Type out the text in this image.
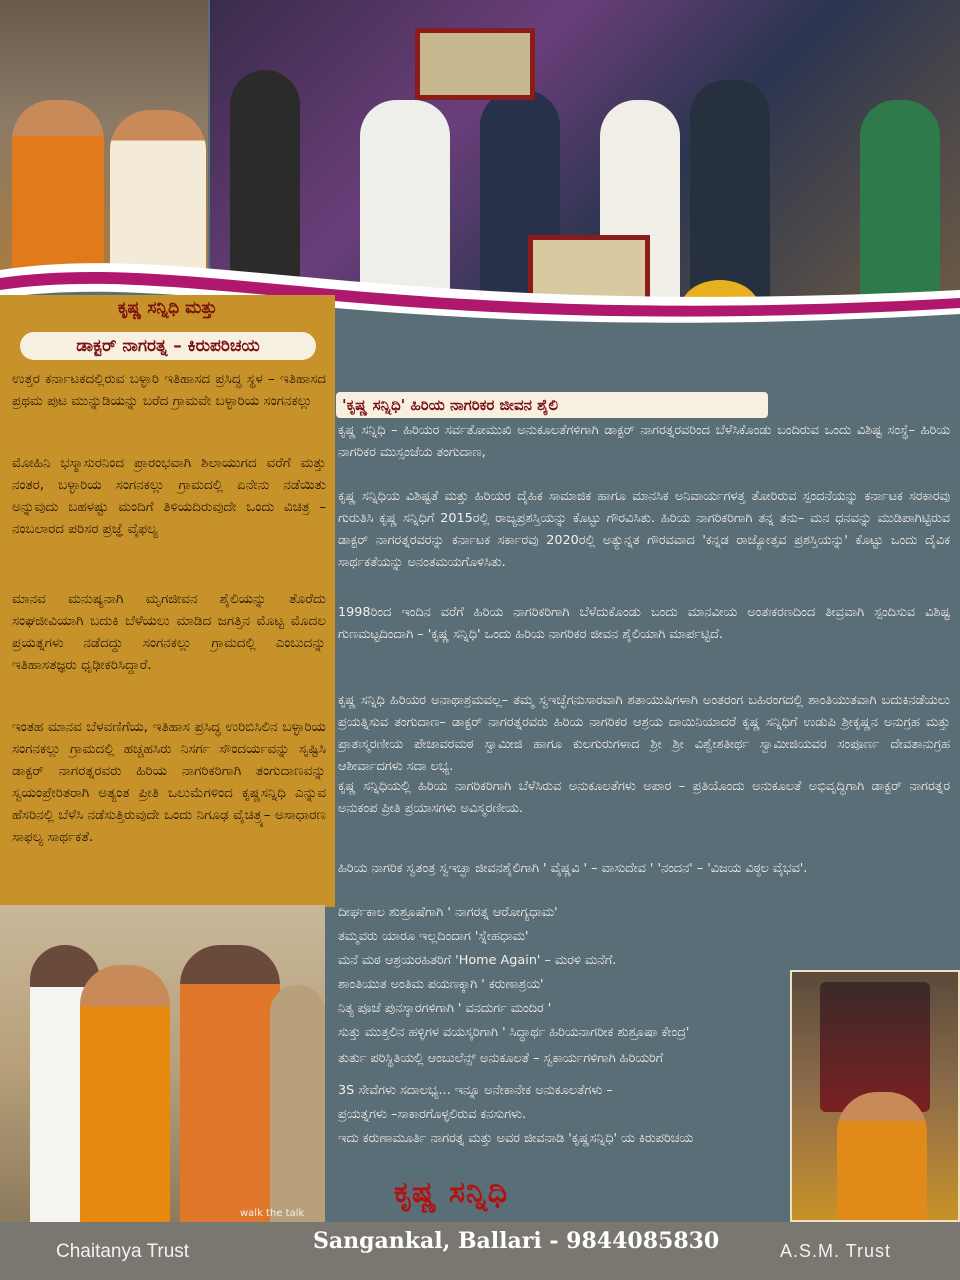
ಕೃಷ್ಣ ಸನ್ನಿಧಿ ಮತ್ತು
ಡಾಕ್ಟರ್ ನಾಗರತ್ನ – ಕಿರುಪರಿಚಯ
ಉತ್ತರ ಕರ್ನಾಟಕದಲ್ಲಿರುವ ಬಳ್ಳಾರಿ ಇತಿಹಾಸದ ಪ್ರಸಿದ್ಧ ಸ್ಥಳ – ಇತಿಹಾಸದ ಪ್ರಥಮ ಪುಟ ಮುನ್ನುಡಿಯನ್ನು ಬರೆದ ಗ್ರಾಮವೇ ಬಳ್ಳಾರಿಯ ಸಂಗನಕಲ್ಲು
ಮೋಹಿನಿ ಭಸ್ಮಾಸುರನಿಂದ ಪ್ರಾರಂಭವಾಗಿ ಶಿಲಾಯುಗದ ವರೆಗೆ ಮತ್ತು ನಂತರ, ಬಳ್ಳಾರಿಯ ಸಂಗನಕಲ್ಲು ಗ್ರಾಮದಲ್ಲಿ ಏನೇನು ನಡೆಯಿತು ಅನ್ನುವುದು ಬಹಳಷ್ಟು ಮಂದಿಗೆ ತಿಳಿಯದಿರುವುದೇ ಒಂದು ವಿಚಿತ್ರ – ನಂಬಲಾರದ ಪರಿಸರ ಪ್ರಜ್ಞೆ ವೈಫಲ್ಯ
ಮಾನವ ಮನುಷ್ಯನಾಗಿ ಮೃಗಜೀವನ ಶೈಲಿಯನ್ನು ತೊರೆದು ಸಂಘಜೀವಿಯಾಗಿ ಬದುಕಿ ಬೆಳೆಯಲು ಮಾಡಿದ ಜಗತ್ತಿನ ಮೊಟ್ಟ ಮೊದಲ ಪ್ರಯತ್ನಗಳು ನಡೆದದ್ದು ಸಂಗನಕಲ್ಲು ಗ್ರಾಮದಲ್ಲಿ ಎಂಬುದನ್ನು ಇತಿಹಾಸತಜ್ಞರು ಧೃಢೀಕರಿಸಿದ್ದಾರೆ.
ಇಂತಹ ಮಾನವ ಬೆಳವಣಿಗೆಯ, ಇತಿಹಾಸ ಪ್ರಸಿದ್ಧ ಉರಿಬಿಸಿಲಿನ ಬಳ್ಳಾರಿಯ ಸಂಗನಕಲ್ಲು ಗ್ರಾಮದಲ್ಲಿ ಹಚ್ಚಹಸಿರು ನಿಸರ್ಗ ಸೌಂದರ್ಯವನ್ನು ಸೃಷ್ಟಿಸಿ ಡಾಕ್ಟರ್ ನಾಗರತ್ನರವರು ಹಿರಿಯ ನಾಗರಿಕರಿಗಾಗಿ ತಂಗುದಾಣವನ್ನು ಸ್ವಯಂಪ್ರೇರಿತರಾಗಿ ಅತ್ಯಂತ ಪ್ರೀತಿ ಒಲುಮೆಗಳಿಂದ ಕೃಷ್ಣಸನ್ನಿಧಿ ಎನ್ನುವ ಹೆಸರಿನಲ್ಲಿ ಬೆಳೆಸಿ ನಡೆಸುತ್ತಿರುವುದೇ ಒಂದು ನಿಗೂಢ ವೈಚಿತ್ರ್ಯ– ಅಸಾಧಾರಣ ಸಾಫಲ್ಯ ಸಾರ್ಥಕತೆ.
walk the talk
'ಕೃಷ್ಣ ಸನ್ನಿಧಿ' ಹಿರಿಯ ನಾಗರಿಕರ ಜೀವನ ಶೈಲಿ
ಕೃಷ್ಣ ಸನ್ನಿಧಿ – ಹಿರಿಯರ ಸರ್ವತೋಮುಖಿ ಅನುಕೂಲತೆಗಳಿಗಾಗಿ ಡಾಕ್ಟರ್ ನಾಗರತ್ನರವರಿಂದ ಬೆಳೆಸಿಕೊಂಡು ಬಂದಿರುವ ಒಂದು ವಿಶಿಷ್ಟ ಸಂಸ್ಥೆ– ಹಿರಿಯ ನಾಗರಿಕರ ಮುಸ್ಸಂಜೆಯ ತಂಗುದಾಣ,
ಕೃಷ್ಣ ಸನ್ನಿಧಿಯ ವಿಶಿಷ್ಟತೆ ಮತ್ತು ಹಿರಿಯರ ದೈಹಿಕ ಸಾಮಾಜಿಕ ಹಾಗೂ ಮಾನಸಿಕ ಅನಿವಾರ್ಯಗಳತ್ತ ತೋರಿರುವ ಸ್ಪಂದನೆಯನ್ನು ಕರ್ನಾಟಕ ಸರಕಾರವು ಗುರುತಿಸಿ ಕೃಷ್ಣ ಸನ್ನಿಧಿಗೆ 2015ರಲ್ಲಿ ರಾಜ್ಯಪ್ರಶಸ್ತಿಯನ್ನು ಕೊಟ್ಟು ಗೌರವಿಸಿತು. ಹಿರಿಯ ನಾಗರಿಕರಿಗಾಗಿ ತನ್ನ ತನು– ಮನ ಧನವನ್ನು ಮುಡಿಪಾಗಿಟ್ಟಿರುವ ಡಾಕ್ಟರ್ ನಾಗರತ್ನರವರನ್ನು ಕರ್ನಾಟಕ ಸರ್ಕಾರವು 2020ರಲ್ಲಿ ಅತ್ಯುನ್ನತ ಗೌರವವಾದ 'ಕನ್ನಡ ರಾಜ್ಯೋತ್ಸವ ಪ್ರಶಸ್ತಿಯನ್ನು' ಕೊಟ್ಟು ಒಂದು ದೈವಿಕ ಸಾರ್ಥಕತೆಯನ್ನು ಅನಂತಮಯಗೊಳಿಸಿತು.
1998ರಿಂದ ಇಂದಿನ ವರೆಗೆ ಹಿರಿಯ ನಾಗರಿಕರಿಗಾಗಿ ಬೆಳೆದುಕೊಂಡು ಬಂದು ಮಾನವೀಯ ಅಂತಃಕರಣದಿಂದ ತೀವ್ರವಾಗಿ ಸ್ಪಂದಿಸುವ ವಿಶಿಷ್ಟ ಗುಣಮಟ್ಟದಿಂದಾಗಿ – 'ಕೃಷ್ಣ ಸನ್ನಿಧಿ' ಒಂದು ಹಿರಿಯ ನಾಗರಿಕರ ಜೀವನ ಶೈಲಿಯಾಗಿ ಮಾರ್ಪಟ್ಟಿದೆ.
ಕೃಷ್ಣ ಸನ್ನಿಧಿ ಹಿರಿಯರ ಅನಾಥಾಶ್ರಮವಲ್ಲ– ತಮ್ಮ ಸ್ವಇಚ್ಛೆಗನುಸಾರವಾಗಿ ಶತಾಯುಷಿಗಳಾಗಿ ಅಂತರಂಗ ಬಹಿರಂಗದಲ್ಲಿ ಶಾಂತಿಯುತವಾಗಿ ಬದುಕಿನಡೆಯಲು ಪ್ರಯತ್ನಿಸುವ ತಂಗುದಾಣ– ಡಾಕ್ಟರ್ ನಾಗರತ್ನರವರು ಹಿರಿಯ ನಾಗರಿಕರ ಆಶ್ರಯ ದಾಯಿನಿಯಾದರೆ ಕೃಷ್ಣ ಸನ್ನಿಧಿಗೆ ಉಡುಪಿ ಶ್ರೀಕೃಷ್ಣನ ಅನುಗ್ರಹ ಮತ್ತು ಪ್ರಾತಃಸ್ಮರಣೀಯ ಪೇಜಾವರಮಠ ಸ್ವಾಮೀಜಿ ಹಾಗೂ ಕುಲಗುರುಗಳಾದ ಶ್ರೀ ಶ್ರೀ ವಿಶ್ವೇಶತೀರ್ಥ ಸ್ವಾಮೀಜಿಯವರ ಸಂಪೂರ್ಣ ದೇವತಾನುಗ್ರಹ ಆಶೀರ್ವಾದಗಳು ಸದಾ ಲಭ್ಯ.
ಕೃಷ್ಣ ಸನ್ನಿಧಿಯಲ್ಲಿ ಹಿರಿಯ ನಾಗರಿಕರಿಗಾಗಿ ಬೆಳೆಸಿರುವ ಅನುಕೂಲತೆಗಳು ಅಪಾರ – ಪ್ರತಿಯೊಂದು ಅನುಕೂಲತೆ ಅಭಿವೃದ್ಧಿಗಾಗಿ ಡಾಕ್ಟರ್ ನಾಗರತ್ನರ ಅನುಕಂಪ ಪ್ರೀತಿ ಪ್ರಯಾಸಗಳು ಅವಿಸ್ಮರಣೀಯ.
ಹಿರಿಯ ನಾಗರಿಕ ಸ್ವತಂತ್ರ ಸ್ವಇಚ್ಛಾ ಜೀವನಶೈಲಿಗಾಗಿ ' ವೈಷ್ಣವಿ ' – ವಾಸುದೇವ ' 'ನಂದನ' – 'ವಿಜಯ ವಿಠ್ಠಲ ವೈಭವ'.
ದೀರ್ಘಕಾಲ ಶುಶ್ರೂಷೆಗಾಗಿ ' ನಾಗರತ್ನ ಆರೋಗ್ಯಧಾಮ'
ತಮ್ಮವರು ಯಾರೂ ಇಲ್ಲದಿಂದಾಗ 'ಸ್ನೇಹಧಾಮ'
ಮನೆ ಮಠ ಆಶ್ರಯರಹಿತರಿಗೆ 'Home Again' – ಮರಳಿ ಮನೆಗೆ.
ಶಾಂತಿಯುತ ಅಂತಿಮ ಪಯಣಕ್ಕಾಗಿ ' ಕರುಣಾಶ್ರಯ'
ನಿತ್ಯ ಪೂಜೆ ಪುನಸ್ಕಾರಗಳಿಗಾಗಿ ' ವನದುರ್ಗ ಮಂದಿರ '
ಸುತ್ತು ಮುತ್ತಲಿನ ಹಳ್ಳಿಗಳ ವಯಸ್ಕರಿಗಾಗಿ ' ಸಿದ್ಧಾರ್ಥ ಹಿರಿಯನಾಗರೀಕ ಶುಶ್ರೂಷಾ ಕೇಂದ್ರ'
ತುರ್ತು ಪರಿಸ್ಥಿತಿಯಲ್ಲಿ ಆಂಬುಲೆನ್ಸ್ ಅನುಕೂಲತೆ – ಸ್ವಕಾರ್ಯಗಳಿಗಾಗಿ ಹಿರಿಯರಿಗೆ
3S ಸೇವೆಗಳು ಸದಾಲಭ್ಯ... ಇನ್ನೂ ಅನೇಕಾನೇಕ ಅನುಕೂಲತೆಗಳು –
ಪ್ರಯತ್ನಗಳು –ಸಾಕಾರಗೊಳ್ಳಲಿರುವ ಕನಸುಗಳು.
ಇದು ಕರುಣಾಮೂರ್ತಿ ನಾಗರತ್ನ ಮತ್ತು ಅವರ ಜೀವನಾಡಿ 'ಕೃಷ್ಣಸನ್ನಿಧಿ' ಯ ಕಿರುಪರಿಚಯ
ಕೃಷ್ಣ ಸನ್ನಿಧಿ
Chaitanya Trust	Sangankal, Ballari - 9844085830	A.S.M. Trust
